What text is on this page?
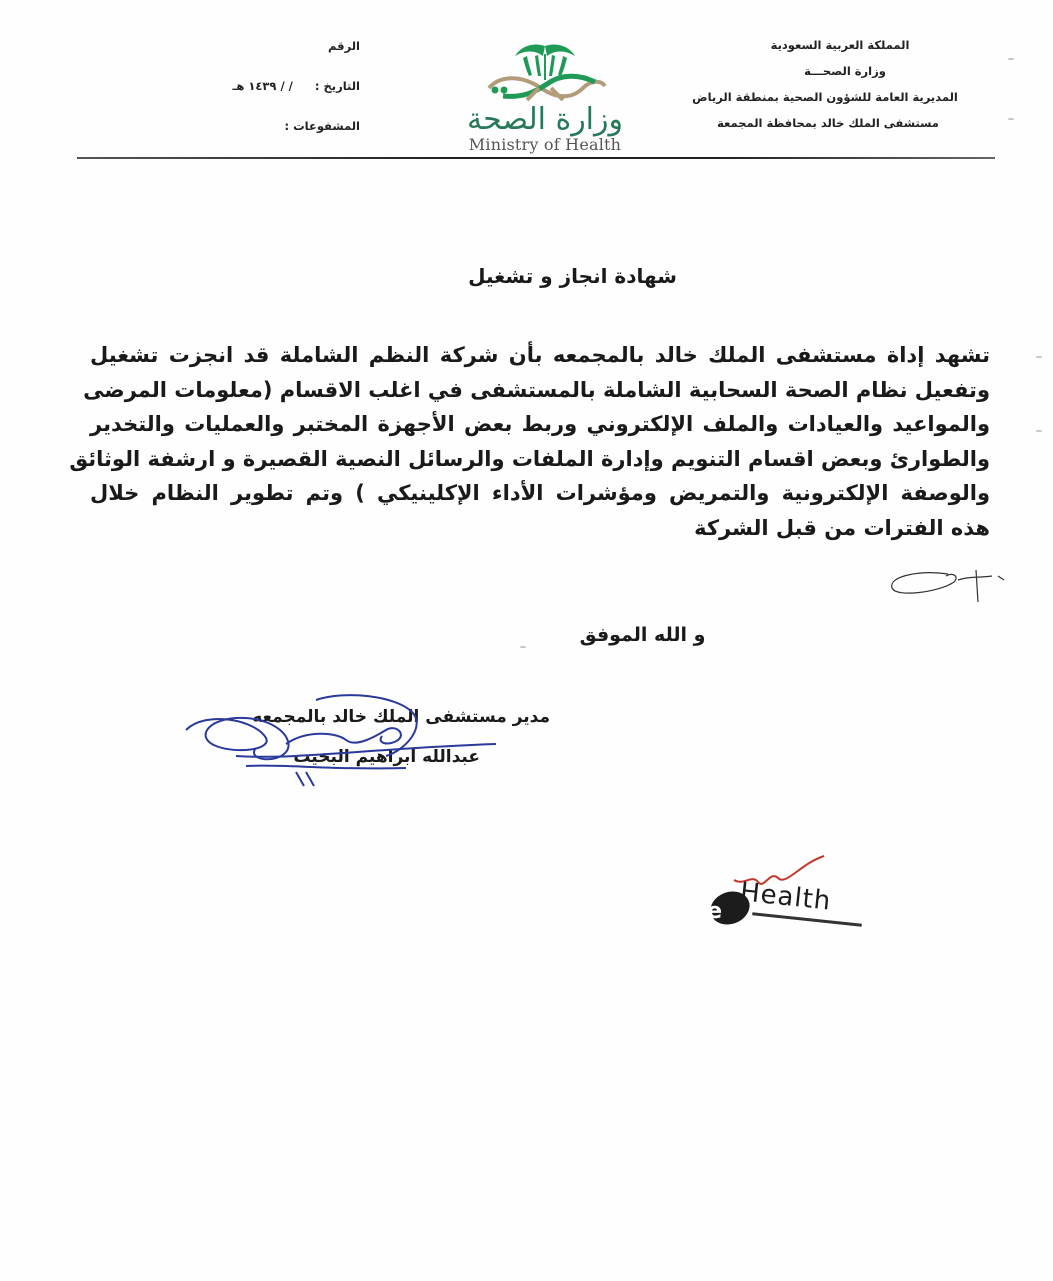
المملكة العربية السعودية
وزارة الصحـــة
المديرية العامة للشؤون الصحية بمنطقة الرياض
مستشفى الملك خالد بمحافظة المجمعة
وزارة الصحة
Ministry of Health
الرقم
التاريخ : / / ١٤٣٩ هـ
المشفوعات :
شهادة انجاز و تشغيل
تشهد إداة مستشفى الملك خالد بالمجمعه بأن شركة النظم الشاملة قد انجزت تشغيل
وتفعيل نظام الصحة السحابية الشاملة بالمستشفى في اغلب الاقسام (معلومات المرضى
والمواعيد والعيادات والملف الإلكتروني وربط بعض الأجهزة المختبر والعمليات والتخدير
والطوارئ وبعض اقسام التنويم وإدارة الملفات والرسائل النصية القصيرة و ارشفة الوثائق
والوصفة الإلكترونية والتمريض ومؤشرات الأداء الإكلينيكي ) وتم تطوير النظام خلال
هذه الفترات من قبل الشركة
و الله الموفق
مدير مستشفى الملك خالد بالمجمعه
عبدالله ابراهيم البخيت
e Health
